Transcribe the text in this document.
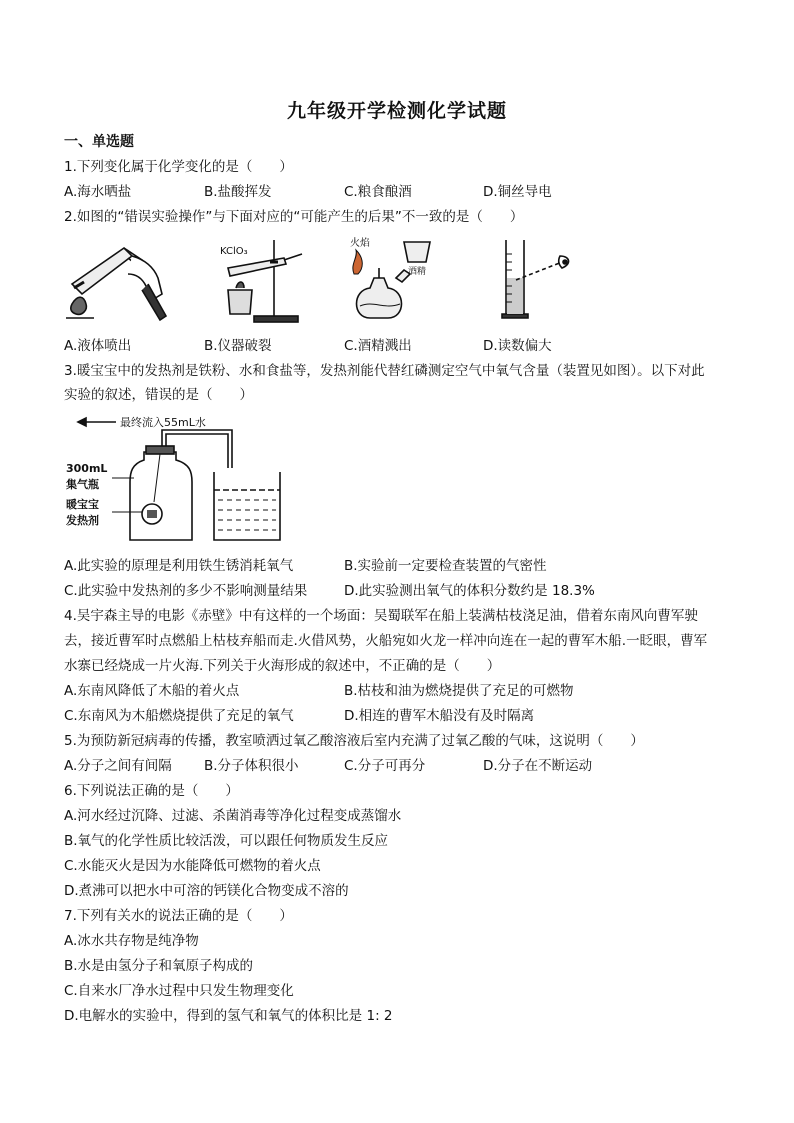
九年级开学检测化学试题
一、单选题
1.下列变化属于化学变化的是（　　）
A.海水晒盐	B.盐酸挥发	C.粮食酿酒	D.铜丝导电
2.如图的“错误实验操作”与下面对应的“可能产生的后果”不一致的是（　　）
KClO₃
火焰
酒精
A.液体喷出	B.仪器破裂	C.酒精溅出	D.读数偏大
3.暖宝宝中的发热剂是铁粉、水和食盐等，发热剂能代替红磷测定空气中氧气含量（装置见如图）。以下对此
实验的叙述，错误的是（　　）
最终流入55mL水
300mL
集气瓶
暖宝宝
发热剂
A.此实验的原理是利用铁生锈消耗氧气	B.实验前一定要检查装置的气密性
C.此实验中发热剂的多少不影响测量结果	D.此实验测出氧气的体积分数约是 18.3%
4.吴宇森主导的电影《赤壁》中有这样的一个场面：吴蜀联军在船上装满枯枝浇足油，借着东南风向曹军驶
去，接近曹军时点燃船上枯枝弃船而走.火借风势，火船宛如火龙一样冲向连在一起的曹军木船.一眨眼，曹军
水寨已经烧成一片火海.下列关于火海形成的叙述中，不正确的是（　　）
A.东南风降低了木船的着火点	B.枯枝和油为燃烧提供了充足的可燃物
C.东南风为木船燃烧提供了充足的氧气	D.相连的曹军木船没有及时隔离
5.为预防新冠病毒的传播，教室喷洒过氧乙酸溶液后室内充满了过氧乙酸的气味，这说明（　　）
A.分子之间有间隔 B.分子体积很小	C.分子可再分	D.分子在不断运动
6.下列说法正确的是（　　）
A.河水经过沉降、过滤、杀菌消毒等净化过程变成蒸馏水
B.氧气的化学性质比较活泼，可以跟任何物质发生反应
C.水能灭火是因为水能降低可燃物的着火点
D.煮沸可以把水中可溶的钙镁化合物变成不溶的
7.下列有关水的说法正确的是（　　）
A.冰水共存物是纯净物
B.水是由氢分子和氧原子构成的
C.自来水厂净水过程中只发生物理变化
D.电解水的实验中，得到的氢气和氧气的体积比是 1: 2
